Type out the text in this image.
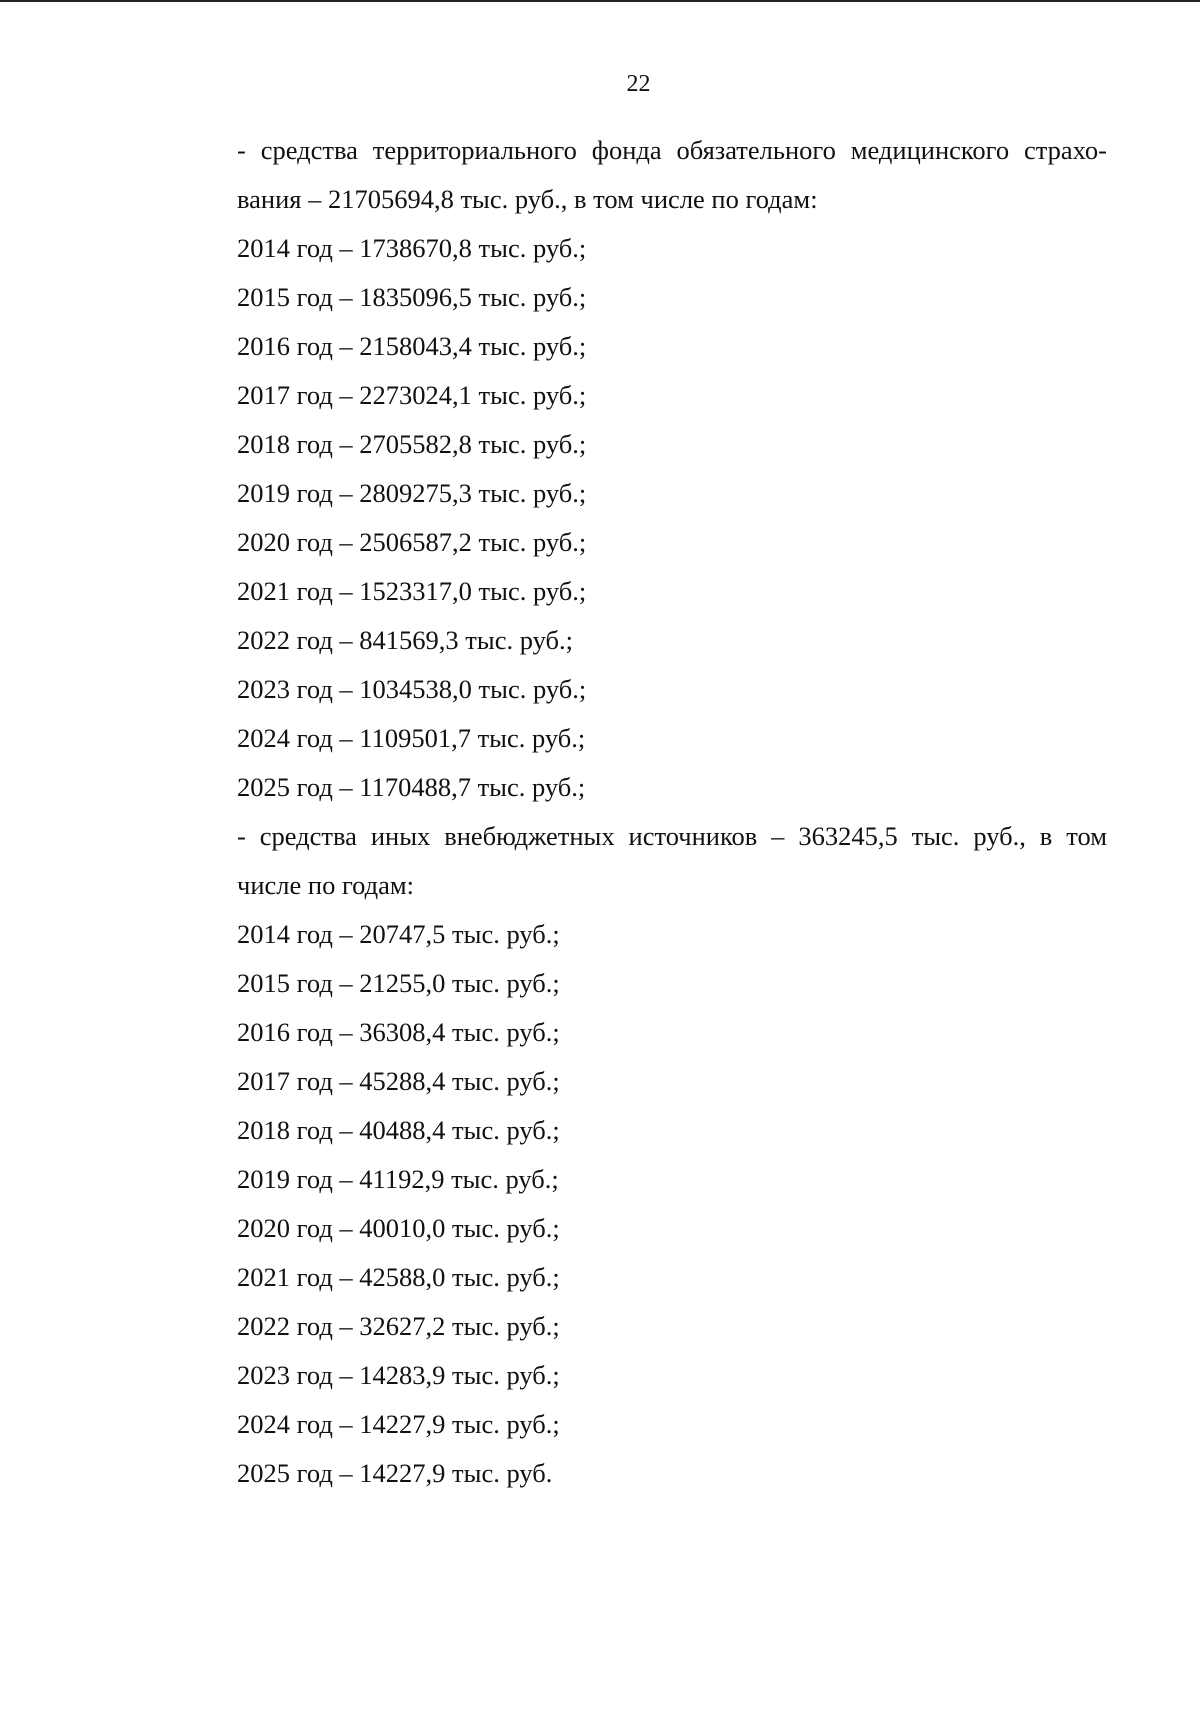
22
- средства территориального фонда обязательного медицинского страхо-
вания – 21705694,8 тыс. руб., в том числе по годам:
2014 год – 1738670,8 тыс. руб.;
2015 год – 1835096,5 тыс. руб.;
2016 год – 2158043,4 тыс. руб.;
2017 год – 2273024,1 тыс. руб.;
2018 год – 2705582,8 тыс. руб.;
2019 год – 2809275,3 тыс. руб.;
2020 год – 2506587,2 тыс. руб.;
2021 год – 1523317,0 тыс. руб.;
2022 год – 841569,3 тыс. руб.;
2023 год – 1034538,0 тыс. руб.;
2024 год – 1109501,7 тыс. руб.;
2025 год – 1170488,7 тыс. руб.;
- средства иных внебюджетных источников – 363245,5 тыс. руб., в том
числе по годам:
2014 год – 20747,5 тыс. руб.;
2015 год – 21255,0 тыс. руб.;
2016 год – 36308,4 тыс. руб.;
2017 год – 45288,4 тыс. руб.;
2018 год – 40488,4 тыс. руб.;
2019 год – 41192,9 тыс. руб.;
2020 год – 40010,0 тыс. руб.;
2021 год – 42588,0 тыс. руб.;
2022 год – 32627,2 тыс. руб.;
2023 год – 14283,9 тыс. руб.;
2024 год – 14227,9 тыс. руб.;
2025 год – 14227,9 тыс. руб.
